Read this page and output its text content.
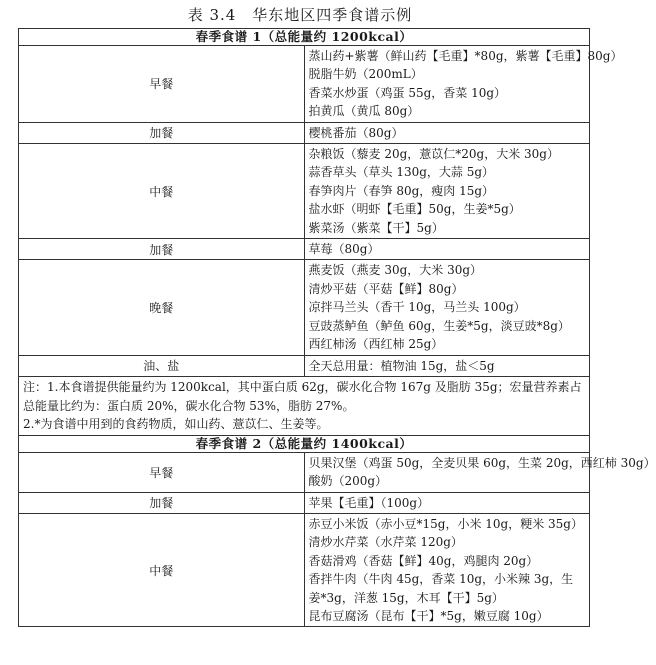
表 3.4　华东地区四季食谱示例
春季食谱 1（总能量约 1200kcal）	
早餐	蒸山药+紫薯（鲜山药【毛重】*80g，紫薯【毛重】80g）
脱脂牛奶（200mL）
香菜水炒蛋（鸡蛋 55g，香菜 10g）
拍黄瓜（黄瓜 80g）

加餐	樱桃番茄（80g）

中餐	杂粮饭（藜麦 20g，薏苡仁*20g，大米 30g）
蒜香草头（草头 130g，大蒜 5g）
春笋肉片（春笋 80g，瘦肉 15g）
盐水虾（明虾【毛重】50g，生姜*5g）
紫菜汤（紫菜【干】5g）

加餐	草莓（80g）

晚餐	燕麦饭（燕麦 30g，大米 30g）
清炒平菇（平菇【鲜】80g）
凉拌马兰头（香干 10g，马兰头 100g）
豆豉蒸鲈鱼（鲈鱼 60g，生姜*5g，淡豆豉*8g）
西红柿汤（西红柿 25g）

油、盐	全天总用量：植物油 15g，盐＜5g

注：1.本食谱提供能量约为 1200kcal，其中蛋白质 62g，碳水化合物 167g 及脂肪 35g；宏量营养素占总能量比约为：蛋白质 20%，碳水化合物 53%，脂肪 27%。
2.*为食谱中用到的食药物质，如山药、薏苡仁、生姜等。	

春季食谱 2（总能量约 1400kcal）	
早餐	贝果汉堡（鸡蛋 50g，全麦贝果 60g，生菜 20g，西红柿 30g）
酸奶（200g）

加餐	苹果【毛重】（100g）

中餐	赤豆小米饭（赤小豆*15g，小米 10g，粳米 35g）
清炒水芹菜（水芹菜 120g）
香菇滑鸡（香菇【鲜】40g，鸡腿肉 20g）
香拌牛肉（牛肉 45g，香菜 10g，小米辣 3g，生姜*3g，洋葱 15g，木耳【干】5g）
昆布豆腐汤（昆布【干】*5g，嫩豆腐 10g）
